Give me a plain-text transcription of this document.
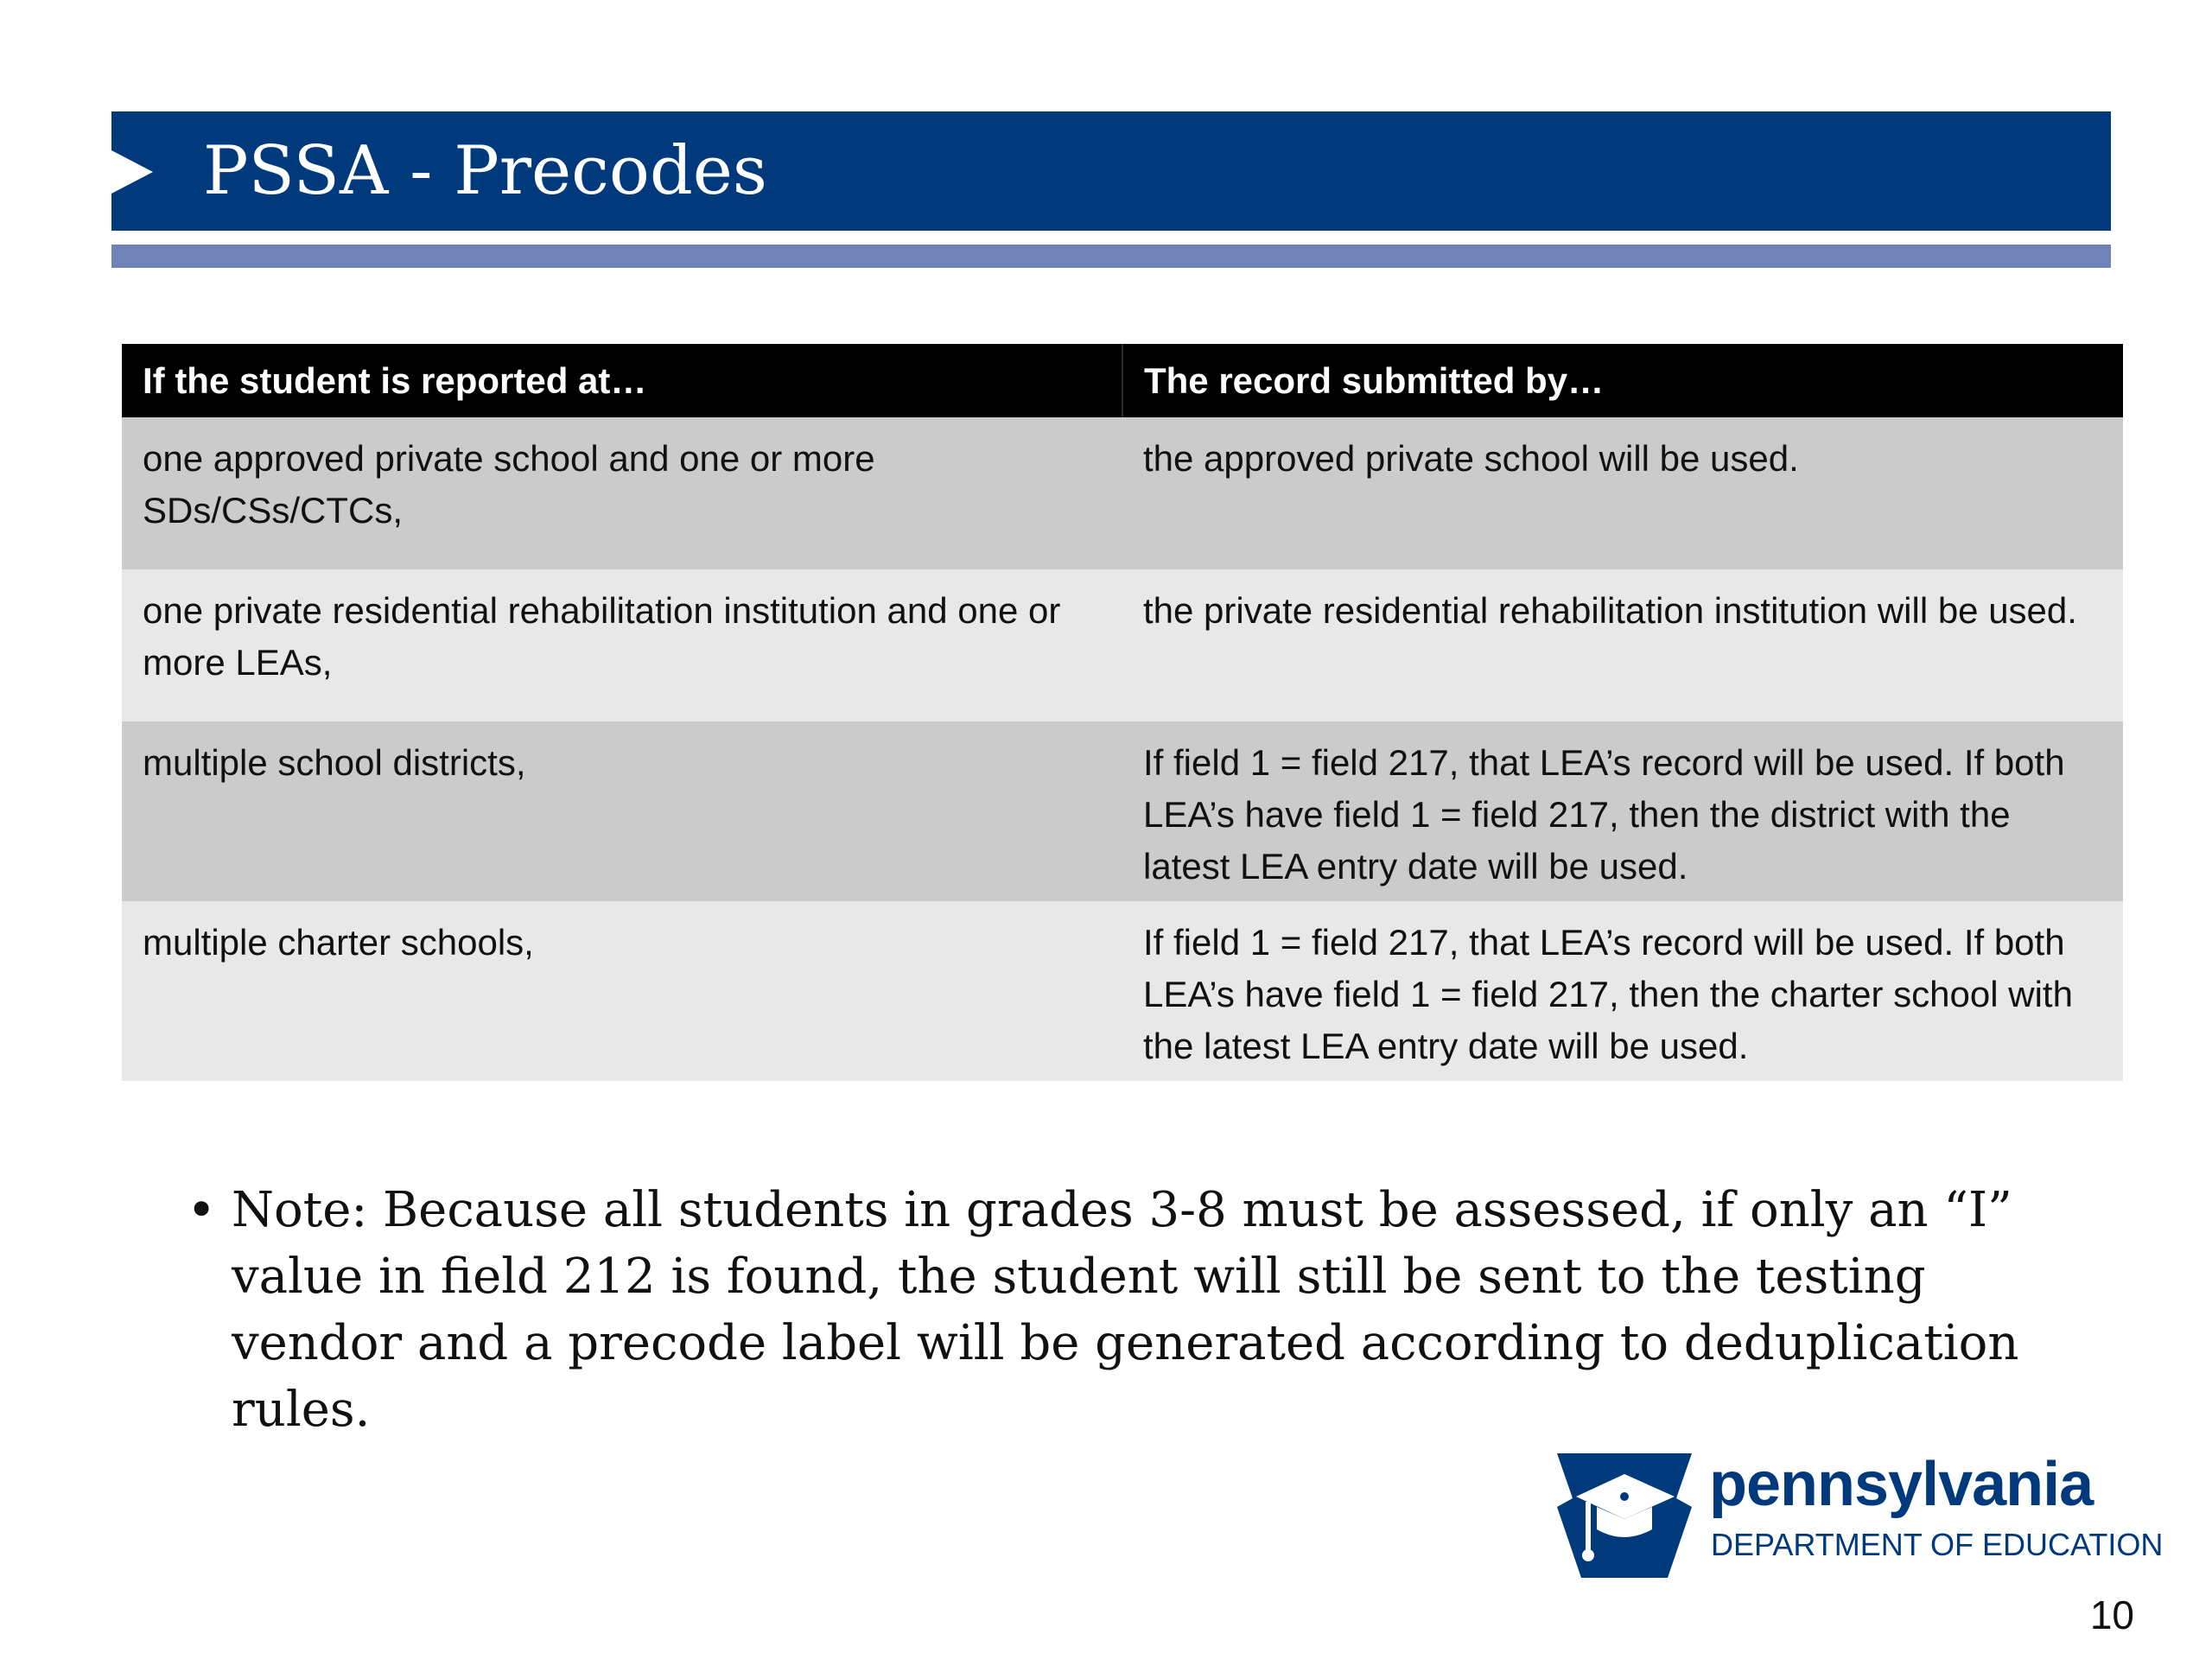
PSSA - Precodes
If the student is reported at…	The record submitted by…
one approved private school and one or more SDs/CSs/CTCs,	the approved private school will be used.
one private residential rehabilitation institution and one or more LEAs,	the private residential rehabilitation institution will be used.
multiple school districts,	If field 1 = field 217, that LEA’s record will be used. If both LEA’s have field 1 = field 217, then the district with the latest LEA entry date will be used.
multiple charter schools,	If field 1 = field 217, that LEA’s record will be used. If both LEA’s have field 1 = field 217, then the charter school with the latest LEA entry date will be used.
• Note: Because all students in grades 3-8 must be assessed, if only an “I” value in field 212 is found, the student will still be sent to the testing vendor and a precode label will be generated according to deduplication rules.
pennsylvania
DEPARTMENT OF EDUCATION
10
